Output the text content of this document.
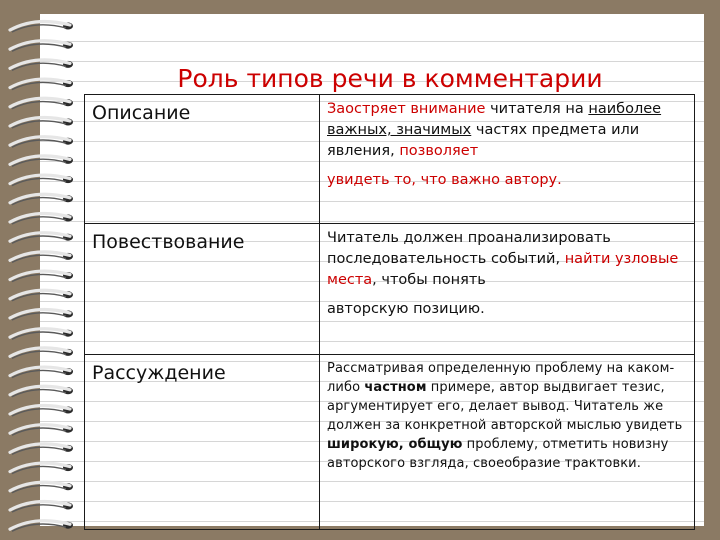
Роль типов речи в комментарии
Описание	Заостряет внимание читателя на наиболее важных, значимых частях предмета или явления, позволяет
увидеть то, что важно автору.
Повествование	Читатель должен проанализировать последовательность событий, найти узловые места, чтобы понять
авторскую позицию.
Рассуждение	Рассматривая определенную проблему на каком-либо частном примере, автор выдвигает тезис, аргументирует его, делает вывод. Читатель же должен за конкретной авторской мыслью увидеть широкую, общую проблему, отметить новизну авторского взгляда, своеобразие трактовки.
